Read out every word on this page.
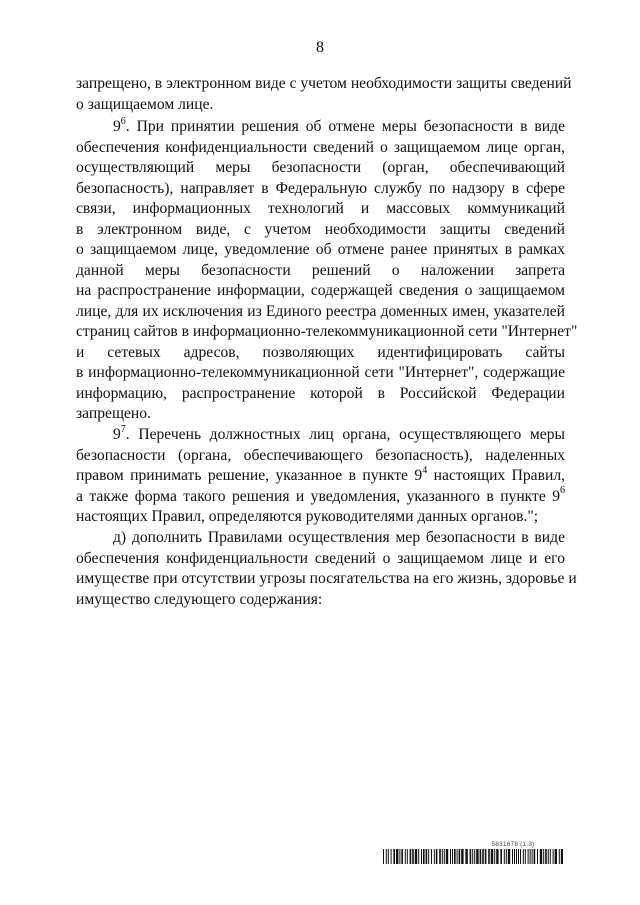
8
запрещено, в электронном виде с учетом необходимости защиты сведений
о защищаемом лице.
$9^6$. При принятии решения об отмене меры безопасности в виде
обеспечения конфиденциальности сведений о защищаемом лице орган,
осуществляющий меры безопасности (орган, обеспечивающий
безопасность), направляет в Федеральную службу по надзору в сфере
связи, информационных технологий и массовых коммуникаций
в электронном виде, с учетом необходимости защиты сведений
о защищаемом лице, уведомление об отмене ранее принятых в рамках
данной меры безопасности решений о наложении запрета
на распространение информации, содержащей сведения о защищаемом
лице, для их исключения из Единого реестра доменных имен, указателей
страниц сайтов в информационно-телекоммуникационной сети "Интернет"
и сетевых адресов, позволяющих идентифицировать сайты
в информационно-телекоммуникационной сети "Интернет", содержащие
информацию, распространение которой в Российской Федерации
запрещено.
$9^7$. Перечень должностных лиц органа, осуществляющего меры
безопасности (органа, обеспечивающего безопасность), наделенных
правом принимать решение, указанное в пункте $9^4$ настоящих Правил,
а также форма такого решения и уведомления, указанного в пункте $9^6$
настоящих Правил, определяются руководителями данных органов.";
д) дополнить Правилами осуществления мер безопасности в виде
обеспечения конфиденциальности сведений о защищаемом лице и его
имуществе при отсутствии угрозы посягательства на его жизнь, здоровье и
имущество следующего содержания:
5831678 (1.3)
